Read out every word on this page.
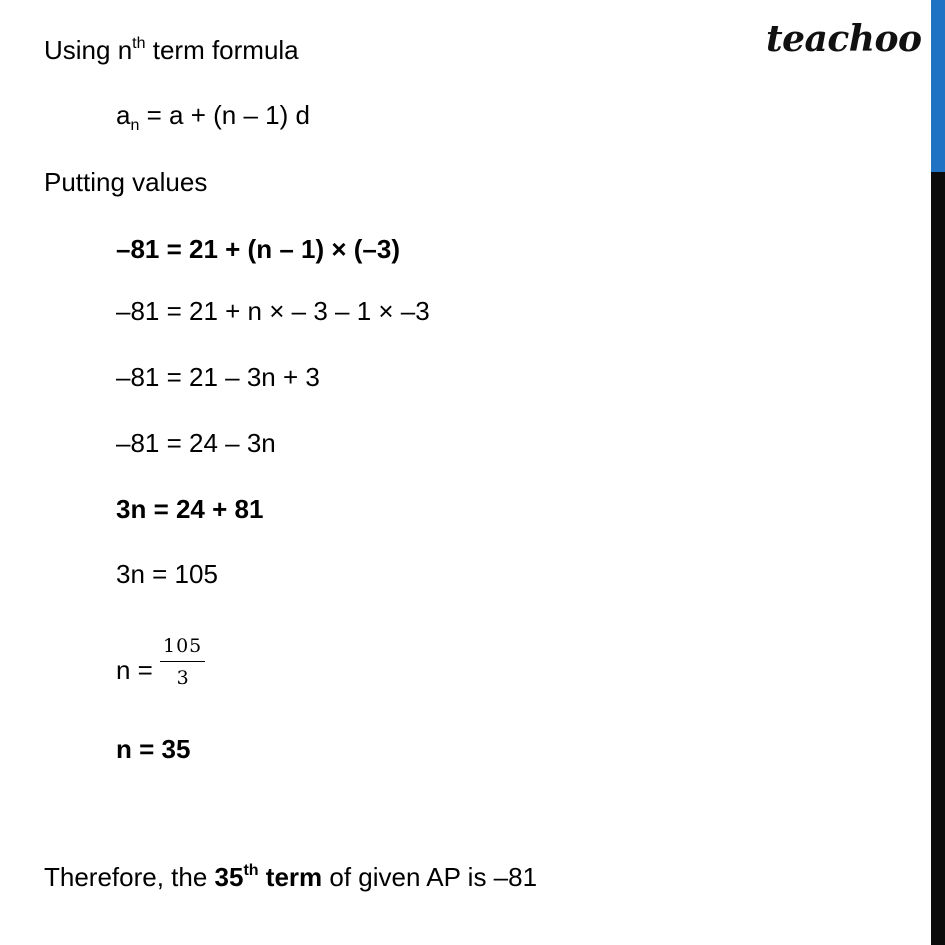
teachoo
Using $n^{th}$ term formula
$a_n = a + (n - 1)$ d
Putting values
–81 = 21 + (n – 1) × (–3)
–81 = 21 + n × – 3 – 1 × –3
–81 = 21 – 3n + 3
–81 = 24 – 3n
3n = 24 + 81
3n = 105
$n = \frac{105}{3}$
n = 35
Therefore, the 35th term of given AP is –81
